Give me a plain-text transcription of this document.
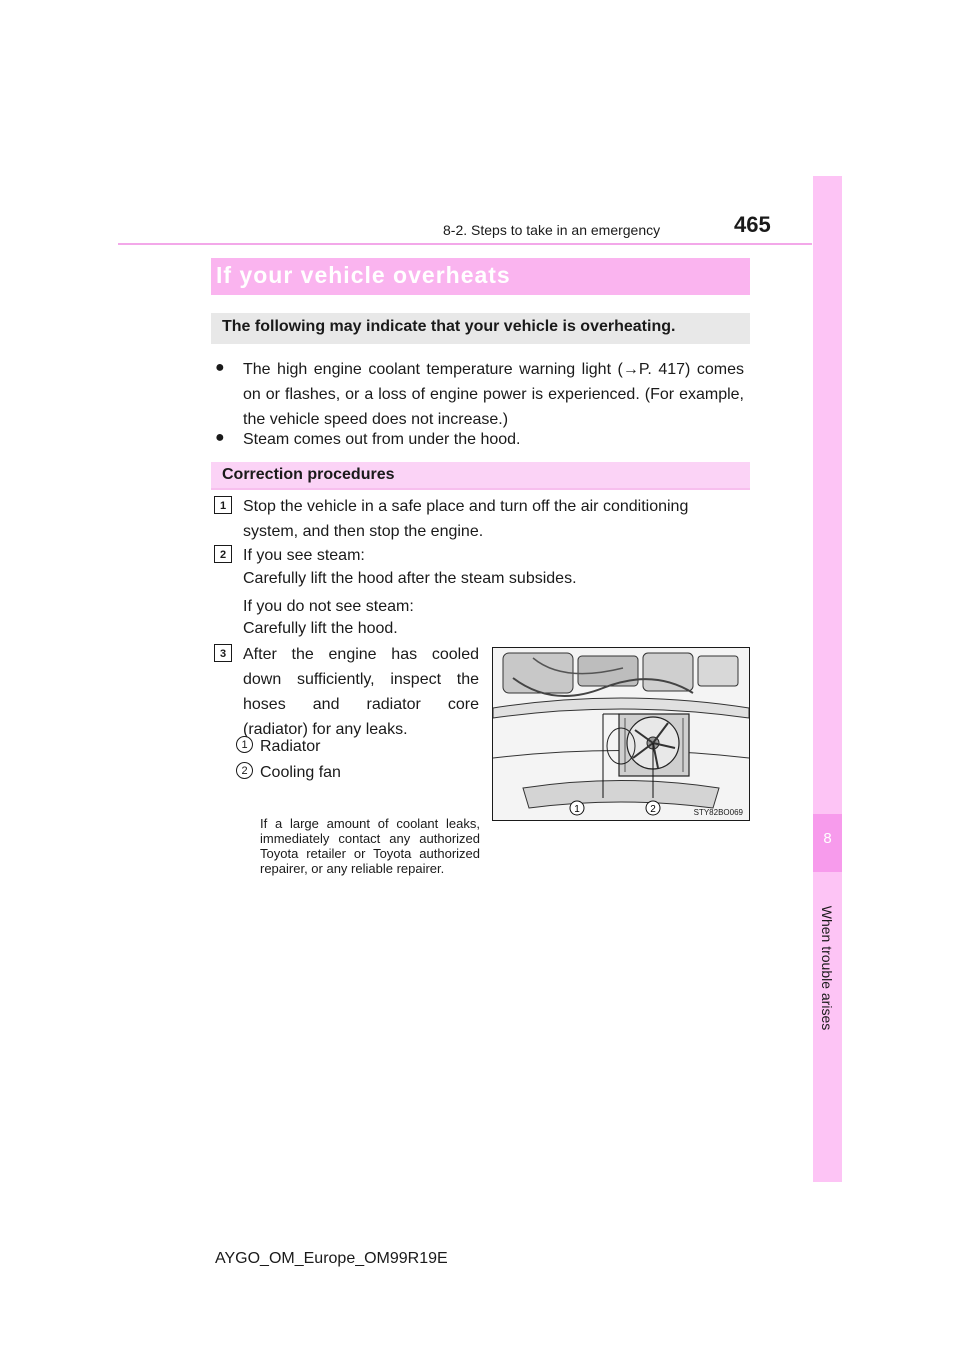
8
When trouble arises
8-2. Steps to take in an emergency	465
If your vehicle overheats
The following may indicate that your vehicle is overheating.
● The high engine coolant temperature warning light (→P. 417) comes on or flashes, or a loss of engine power is experienced. (For example, the vehicle speed does not increase.)
● Steam comes out from under the hood.
Correction procedures
1	Stop the vehicle in a safe place and turn off the air conditioning system, and then stop the engine.
2	If you see steam:
Carefully lift the hood after the steam subsides.
If you do not see steam:
Carefully lift the hood.
3	After the engine has cooled down sufficiently, inspect the hoses and radiator core (radiator) for any leaks.
1 Radiator
2 Cooling fan
If a large amount of coolant leaks, immediately contact any authorized Toyota retailer or Toyota authorized repairer, or any reliable repairer.
1	2	STY82BO069
AYGO_OM_Europe_OM99R19E
